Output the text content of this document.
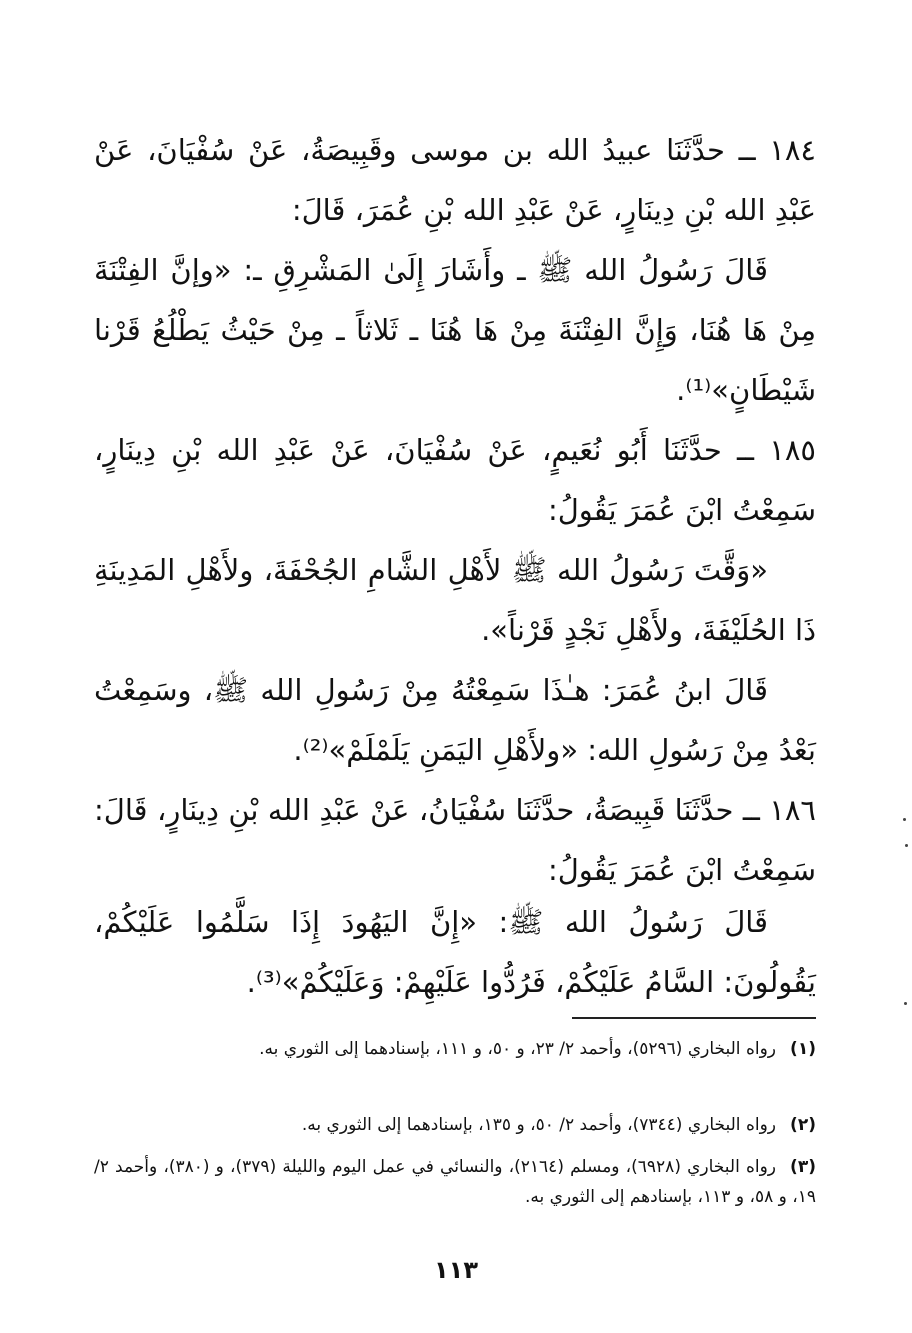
١٨٤ ــ حدَّثَنَا عبيدُ الله بن موسى وقَبِيصَةُ، عَنْ سُفْيَانَ، عَنْ عَبْدِ الله بْنِ دِينَارٍ، عَنْ عَبْدِ الله بْنِ عُمَرَ، قَالَ:

قَالَ رَسُولُ الله ﷺ ـ وأَشَارَ إِلَىٰ المَشْرِقِ ـ: «وإنَّ الفِتْنَةَ مِنْ هَا هُنَا، وَإِنَّ الفِتْنَةَ مِنْ هَا هُنَا ـ ثَلاثاً ـ مِنْ حَيْثُ يَطْلُعُ قَرْنا شَيْطَانٍ»⁽¹⁾.

١٨٥ ــ حدَّثَنَا أَبُو نُعَيمٍ، عَنْ سُفْيَانَ، عَنْ عَبْدِ الله بْنِ دِينَارٍ، سَمِعْتُ ابْنَ عُمَرَ يَقُولُ:

«وَقَّتَ رَسُولُ الله ﷺ لأَهْلِ الشَّامِ الجُحْفَةَ، ولأَهْلِ المَدِينَةِ ذَا الحُلَيْفَةَ، ولأَهْلِ نَجْدٍ قَرْناً».

قَالَ ابنُ عُمَرَ: هـٰذَا سَمِعْتُهُ مِنْ رَسُولِ الله ﷺ، وسَمِعْتُ بَعْدُ مِنْ رَسُولِ الله: «ولأَهْلِ اليَمَنِ يَلَمْلَمْ»⁽²⁾.

١٨٦ ــ حدَّثَنَا قَبِيصَةُ، حدَّثَنَا سُفْيَانُ، عَنْ عَبْدِ الله بْنِ دِينَارٍ، قَالَ: سَمِعْتُ ابْنَ عُمَرَ يَقُولُ:

قَالَ رَسُولُ الله ﷺ: «إِنَّ اليَهُودَ إِذَا سَلَّمُوا عَلَيْكُمْ، يَقُولُونَ: السَّامُ عَلَيْكُمْ، فَرُدُّوا عَلَيْهِمْ: وَعَلَيْكُمْ»⁽³⁾.

(١)رواه البخاري (٥٢٩٦)، وأحمد ٢/ ٢٣، و ٥٠، و ١١١، بإسنادهما إلى الثوري به.
(٢)رواه البخاري (٧٣٤٤)، وأحمد ٢/ ٥٠، و ١٣٥، بإسنادهما إلى الثوري به.
(٣)رواه البخاري (٦٩٢٨)، ومسلم (٢١٦٤)، والنسائي في عمل اليوم والليلة (٣٧٩)، و (٣٨٠)، وأحمد ٢/ ١٩، و ٥٨، و ١١٣، بإسنادهم إلى الثوري به.
١١٣
